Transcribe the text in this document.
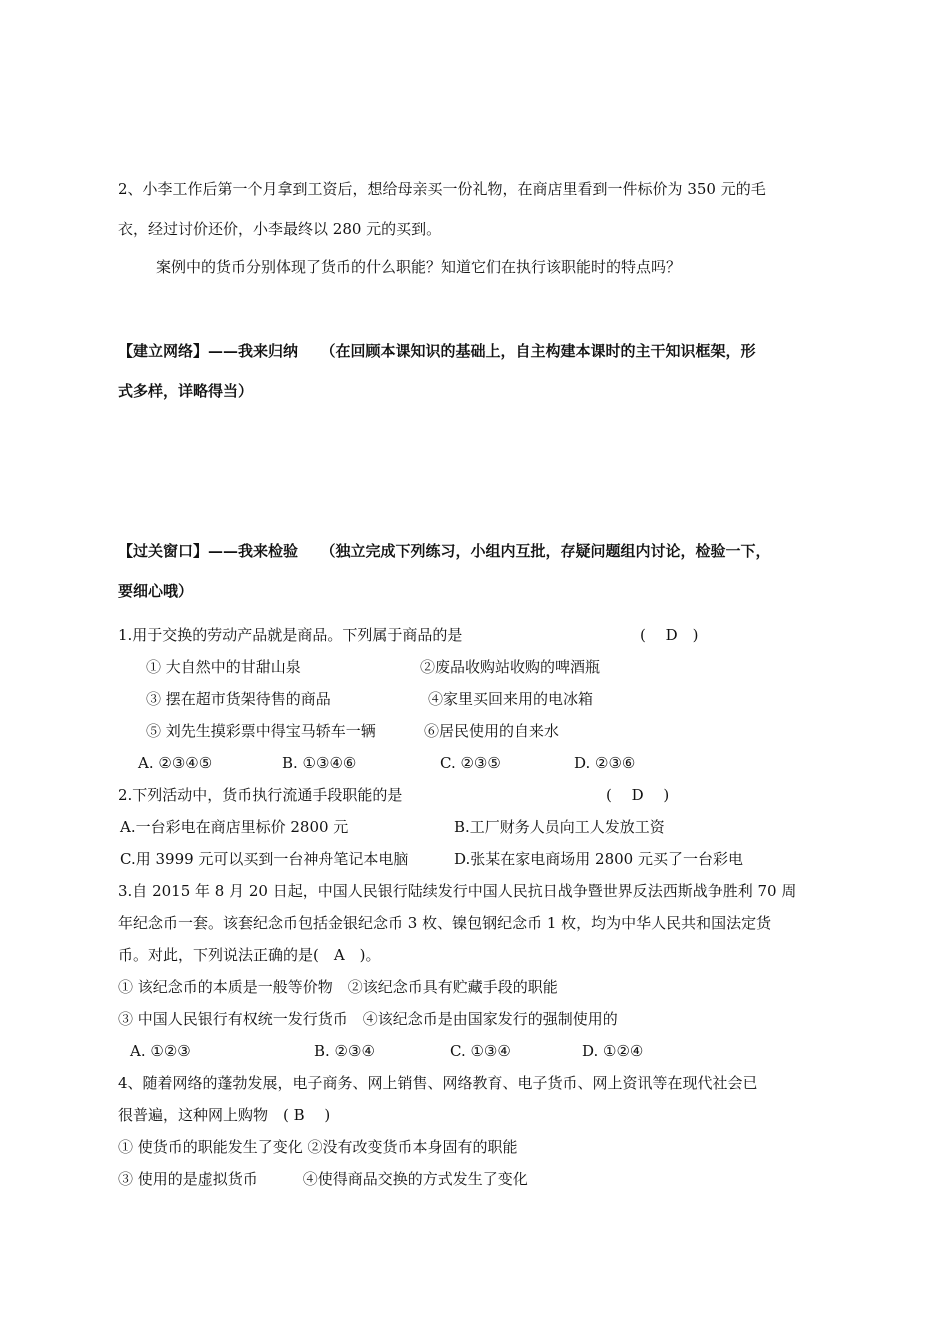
2、小李工作后第一个月拿到工资后，想给母亲买一份礼物，在商店里看到一件标价为 350 元的毛
衣，经过讨价还价，小李最终以 280 元的买到。
案例中的货币分别体现了货币的什么职能？知道它们在执行该职能时的特点吗？
【建立网络】——我来归纳　　（在回顾本课知识的基础上，自主构建本课时的主干知识框架，形
式多样，详略得当）
【过关窗口】——我来检验　　（独立完成下列练习，小组内互批，存疑问题组内讨论，检验一下，
要细心哦）
1.用于交换的劳动产品就是商品。下列属于商品的是	(　 D　)
① 大自然中的甘甜山泉	②废品收购站收购的啤酒瓶
③ 摆在超市货架待售的商品	④家里买回来用的电冰箱
⑤ 刘先生摸彩票中得宝马轿车一辆	⑥居民使用的自来水
A. ②③④⑤	B. ①③④⑥	C. ②③⑤	D. ②③⑥
2.下列活动中，货币执行流通手段职能的是	(　 D　 )
A.一台彩电在商店里标价 2800 元	B.工厂财务人员向工人发放工资
C.用 3999 元可以买到一台神舟笔记本电脑	D.张某在家电商场用 2800 元买了一台彩电
3.自 2015 年 8 月 20 日起，中国人民银行陆续发行中国人民抗日战争暨世界反法西斯战争胜利 70 周
年纪念币一套。该套纪念币包括金银纪念币 3 枚、镍包钢纪念币 1 枚，均为中华人民共和国法定货
币。对此，下列说法正确的是(　A　)。
① 该纪念币的本质是一般等价物　②该纪念币具有贮藏手段的职能
③ 中国人民银行有权统一发行货币　④该纪念币是由国家发行的强制使用的
A. ①②③	B. ②③④	C. ①③④	D. ①②④
4、随着网络的蓬勃发展，电子商务、网上销售、网络教育、电子货币、网上资讯等在现代社会已
很普遍，这种网上购物　( B　 )
① 使货币的职能发生了变化 ②没有改变货币本身固有的职能
③ 使用的是虚拟货币　　　④使得商品交换的方式发生了变化
